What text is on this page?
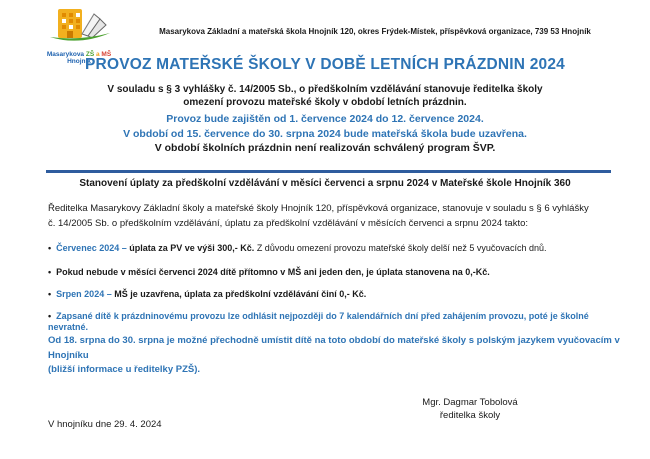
Masarykova ZŠ a MŠ
Hnojník
Masarykova Základní a mateřská škola Hnojník 120, okres Frýdek-Místek, příspěvková organizace, 739 53 Hnojník
PROVOZ MATEŘSKÉ ŠKOLY V DOBĚ LETNÍCH PRÁZDNIN 2024
V souladu s § 3 vyhlášky č. 14/2005 Sb., o předškolním vzdělávání stanovuje ředitelka školy
omezení provozu mateřské školy v období letních prázdnin.
Provoz bude zajištěn od 1. července 2024 do 12. července 2024.
V období od 15. července do 30. srpna 2024 bude mateřská škola bude uzavřena.
V období školních prázdnin není realizován schválený program ŠVP.
Stanovení úplaty za předškolní vzdělávání v měsíci červenci a srpnu 2024 v Mateřské škole Hnojník 360
Ředitelka Masarykovy Základní školy a mateřské školy Hnojník 120, příspěvková organizace, stanovuje v souladu s § 6 vyhlášky
č. 14/2005 Sb. o předškolním vzdělávání, úplatu za předškolní vzdělávání v měsících červenci a srpnu 2024 takto:
• Červenec 2024 – úplata za PV ve výši 300,- Kč. Z důvodu omezení provozu mateřské školy delší než 5 vyučovacích dnů.
• Pokud nebude v měsíci červenci 2024 dítě přítomno v MŠ ani jeden den, je úplata stanovena na 0,-Kč.
• Srpen 2024 – MŠ je uzavřena, úplata za předškolní vzdělávání činí 0,- Kč.
• Zapsané dítě k prázdninovému provozu lze odhlásit nejpozději do 7 kalendářních dní před zahájením provozu, poté je školné nevratné.
Od 18. srpna do 30. srpna je možné přechodně umístit dítě na toto období do mateřské školy s polským jazykem vyučovacím v Hnojníku
(bližší informace u ředitelky PZŠ).
Mgr. Dagmar Tobolová
ředitelka školy
V hnojníku dne 29. 4. 2024
